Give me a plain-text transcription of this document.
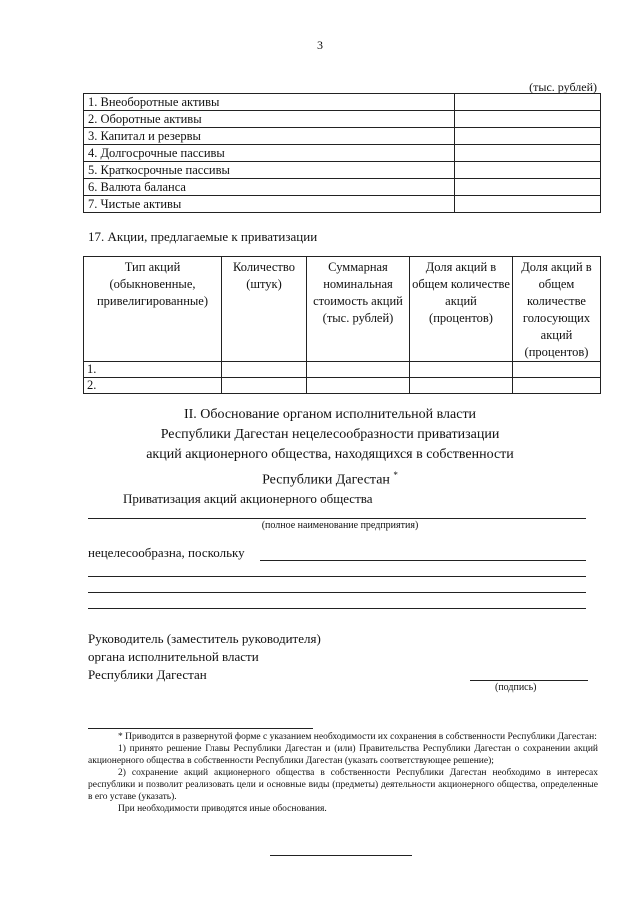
3
(тыс. рублей)
1. Внеоборотные активы	
2. Оборотные активы	
3. Капитал и резервы	
4. Долгосрочные пассивы	
5. Краткосрочные пассивы	
6. Валюта баланса	
7. Чистые активы	
17. Акции, предлагаемые к приватизации
Тип акций (обыкновенные, привелигированные)	Количество (штук)	Суммарная номинальная стоимость акций (тыс. рублей)	Доля акций в общем количестве акций (процентов)	Доля акций в общем количестве голосующих акций (процентов)
1.				
2.				
II. Обоснование органом исполнительной власти
Республики Дагестан нецелесообразности приватизации
акций акционерного общества, находящихся в собственности
Республики Дагестан *
Приватизация акций акционерного общества
(полное наименование предприятия)
нецелесообразна, поскольку
Руководитель (заместитель руководителя)
органа исполнительной власти
Республики Дагестан
(подпись)
* Приводится в развернутой форме с указанием необходимости их сохранения в собственности Республики Дагестан:
1) принято решение Главы Республики Дагестан и (или) Правительства Республики Дагестан о сохранении акций акционерного общества в собственности Республики Дагестан (указать соответствующее решение);
2) сохранение акций акционерного общества в собственности Республики Дагестан необходимо в интересах республики и позволит реализовать цели и основные виды (предметы) деятельности акционерного общества, определенные в его уставе (указать).
При необходимости приводятся иные обоснования.
